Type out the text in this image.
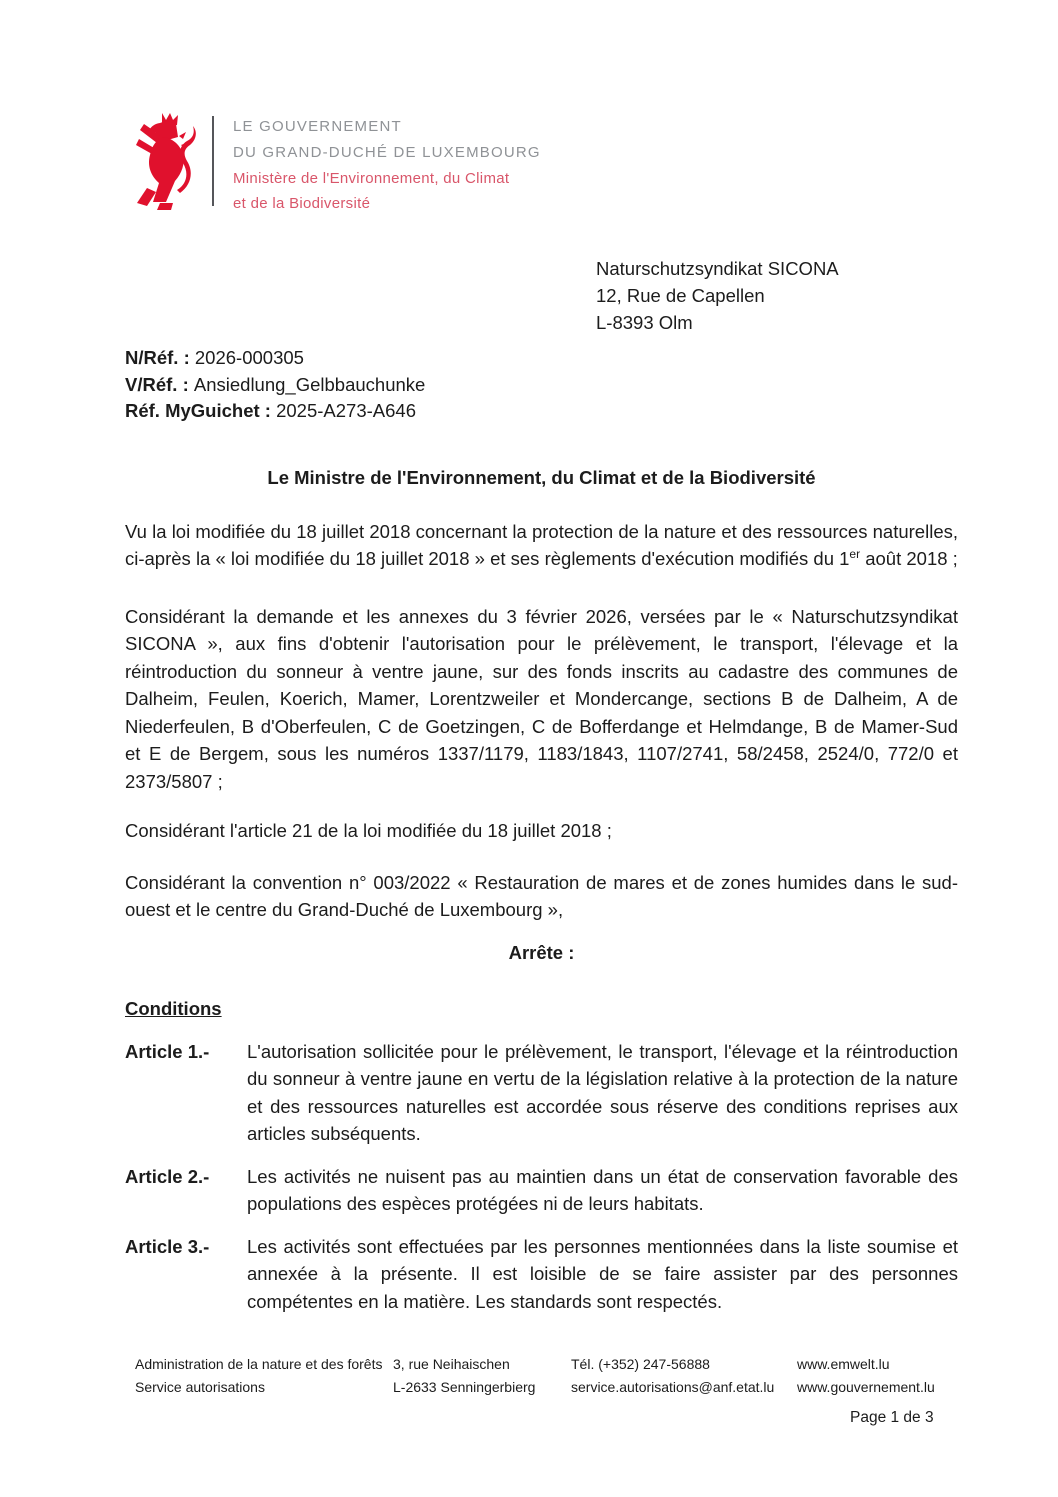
LE GOUVERNEMENT
DU GRAND-DUCHÉ DE LUXEMBOURG
Ministère de l'Environnement, du Climat
et de la Biodiversité
Naturschutzsyndikat SICONA
12, Rue de Capellen
L-8393 Olm
N/Réf. : 2026-000305
V/Réf. : Ansiedlung_Gelbbauchunke
Réf. MyGuichet : 2025-A273-A646
Le Ministre de l'Environnement, du Climat et de la Biodiversité

Vu la loi modifiée du 18 juillet 2018 concernant la protection de la nature et des ressources naturelles, ci-après la « loi modifiée du 18 juillet 2018 » et ses règlements d'exécution modifiés du 1er août 2018 ;

Considérant la demande et les annexes du 3 février 2026, versées par le « Naturschutzsyndikat SICONA », aux fins d'obtenir l'autorisation pour le prélèvement, le transport, l'élevage et la réintroduction du sonneur à ventre jaune, sur des fonds inscrits au cadastre des communes de Dalheim, Feulen, Koerich, Mamer, Lorentzweiler et Mondercange, sections B de Dalheim, A de Niederfeulen, B d'Oberfeulen, C de Goetzingen, C de Bofferdange et Helmdange, B de Mamer-Sud et E de Bergem, sous les numéros 1337/1179, 1183/1843, 1107/2741, 58/2458, 2524/0, 772/0 et 2373/5807 ;

Considérant l'article 21 de la loi modifiée du 18 juillet 2018 ;

Considérant la convention n° 003/2022 « Restauration de mares et de zones humides dans le sud-ouest et le centre du Grand-Duché de Luxembourg »,

Arrête :
Conditions
Article 1.-	L'autorisation sollicitée pour le prélèvement, le transport, l'élevage et la réintroduction du sonneur à ventre jaune en vertu de la législation relative à la protection de la nature et des ressources naturelles est accordée sous réserve des conditions reprises aux articles subséquents.
Article 2.-	Les activités ne nuisent pas au maintien dans un état de conservation favorable des populations des espèces protégées ni de leurs habitats.
Article 3.-	Les activités sont effectuées par les personnes mentionnées dans la liste soumise et annexée à la présente. Il est loisible de se faire assister par des personnes compétentes en la matière. Les standards sont respectés.
Administration de la nature et des forêts
Service autorisations
3, rue Neihaischen
L-2633 Senningerbierg
Tél. (+352) 247-56888
service.autorisations@anf.etat.lu
www.emwelt.lu
www.gouvernement.lu
Page 1 de 3
